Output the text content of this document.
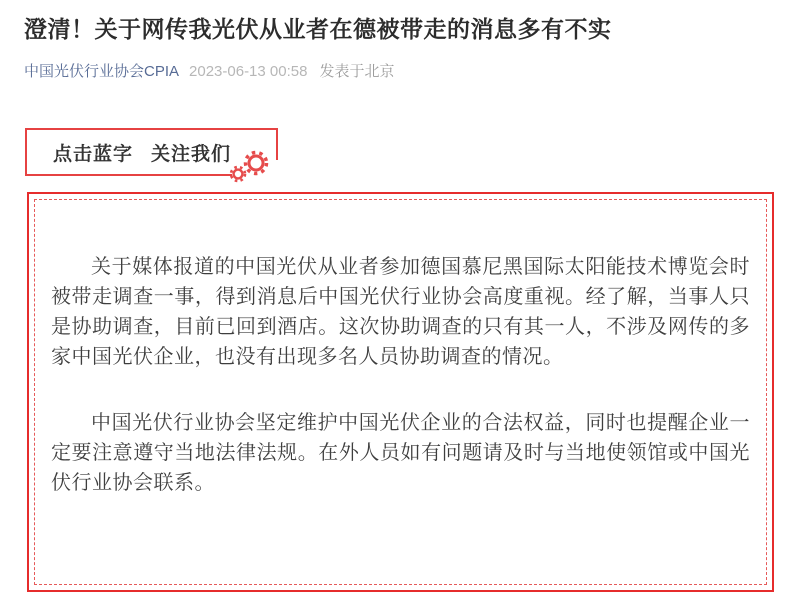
澄清！关于网传我光伏从业者在德被带走的消息多有不实
中国光伏行业协会CPIA 2023-06-13 00:58 发表于北京
点击蓝字 关注我们

关于媒体报道的中国光伏从业者参加德国慕尼黑国际太阳能技术博览会时被带走调查一事，得到消息后中国光伏行业协会高度重视。经了解，当事人只是协助调查，目前已回到酒店。这次协助调查的只有其一人，不涉及网传的多家中国光伏企业，也没有出现多名人员协助调查的情况。

中国光伏行业协会坚定维护中国光伏企业的合法权益，同时也提醒企业一定要注意遵守当地法律法规。在外人员如有问题请及时与当地使领馆或中国光伏行业协会联系。
